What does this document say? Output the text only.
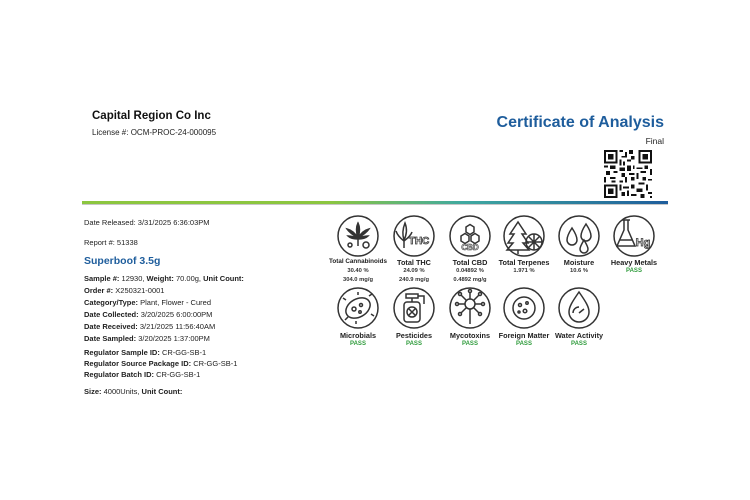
Capital Region Co Inc
License #: OCM-PROC-24-000095
Certificate of Analysis
Final
Date Released: 3/31/2025 6:36:03PM
Report #: 51338
Superboof 3.5g
Sample #: 12930, Weight: 70.00g, Unit Count:
Order #: X250321-0001
Category/Type: Plant, Flower - Cured
Date Collected: 3/20/2025 6:00:00PM
Date Received: 3/21/2025 11:56:40AM
Date Sampled: 3/20/2025 1:37:00PM
Regulator Sample ID: CR-GG-SB-1
Regulator Source Package ID: CR-GG-SB-1
Regulator Batch ID: CR-GG-SB-1
Size: 4000Units, Unit Count:
Total Cannabinoids
30.40 %
304.0 mg/g
THC
Total THC
24.09 %
240.9 mg/g
CBD
Total CBD
0.04892 %
0.4892 mg/g
Total Terpenes
1.971 %
Moisture
10.6 %
Hg
Heavy Metals
PASS
Microbials
PASS
Pesticides
PASS
Mycotoxins
PASS
Foreign Matter
PASS
Water Activity
PASS
